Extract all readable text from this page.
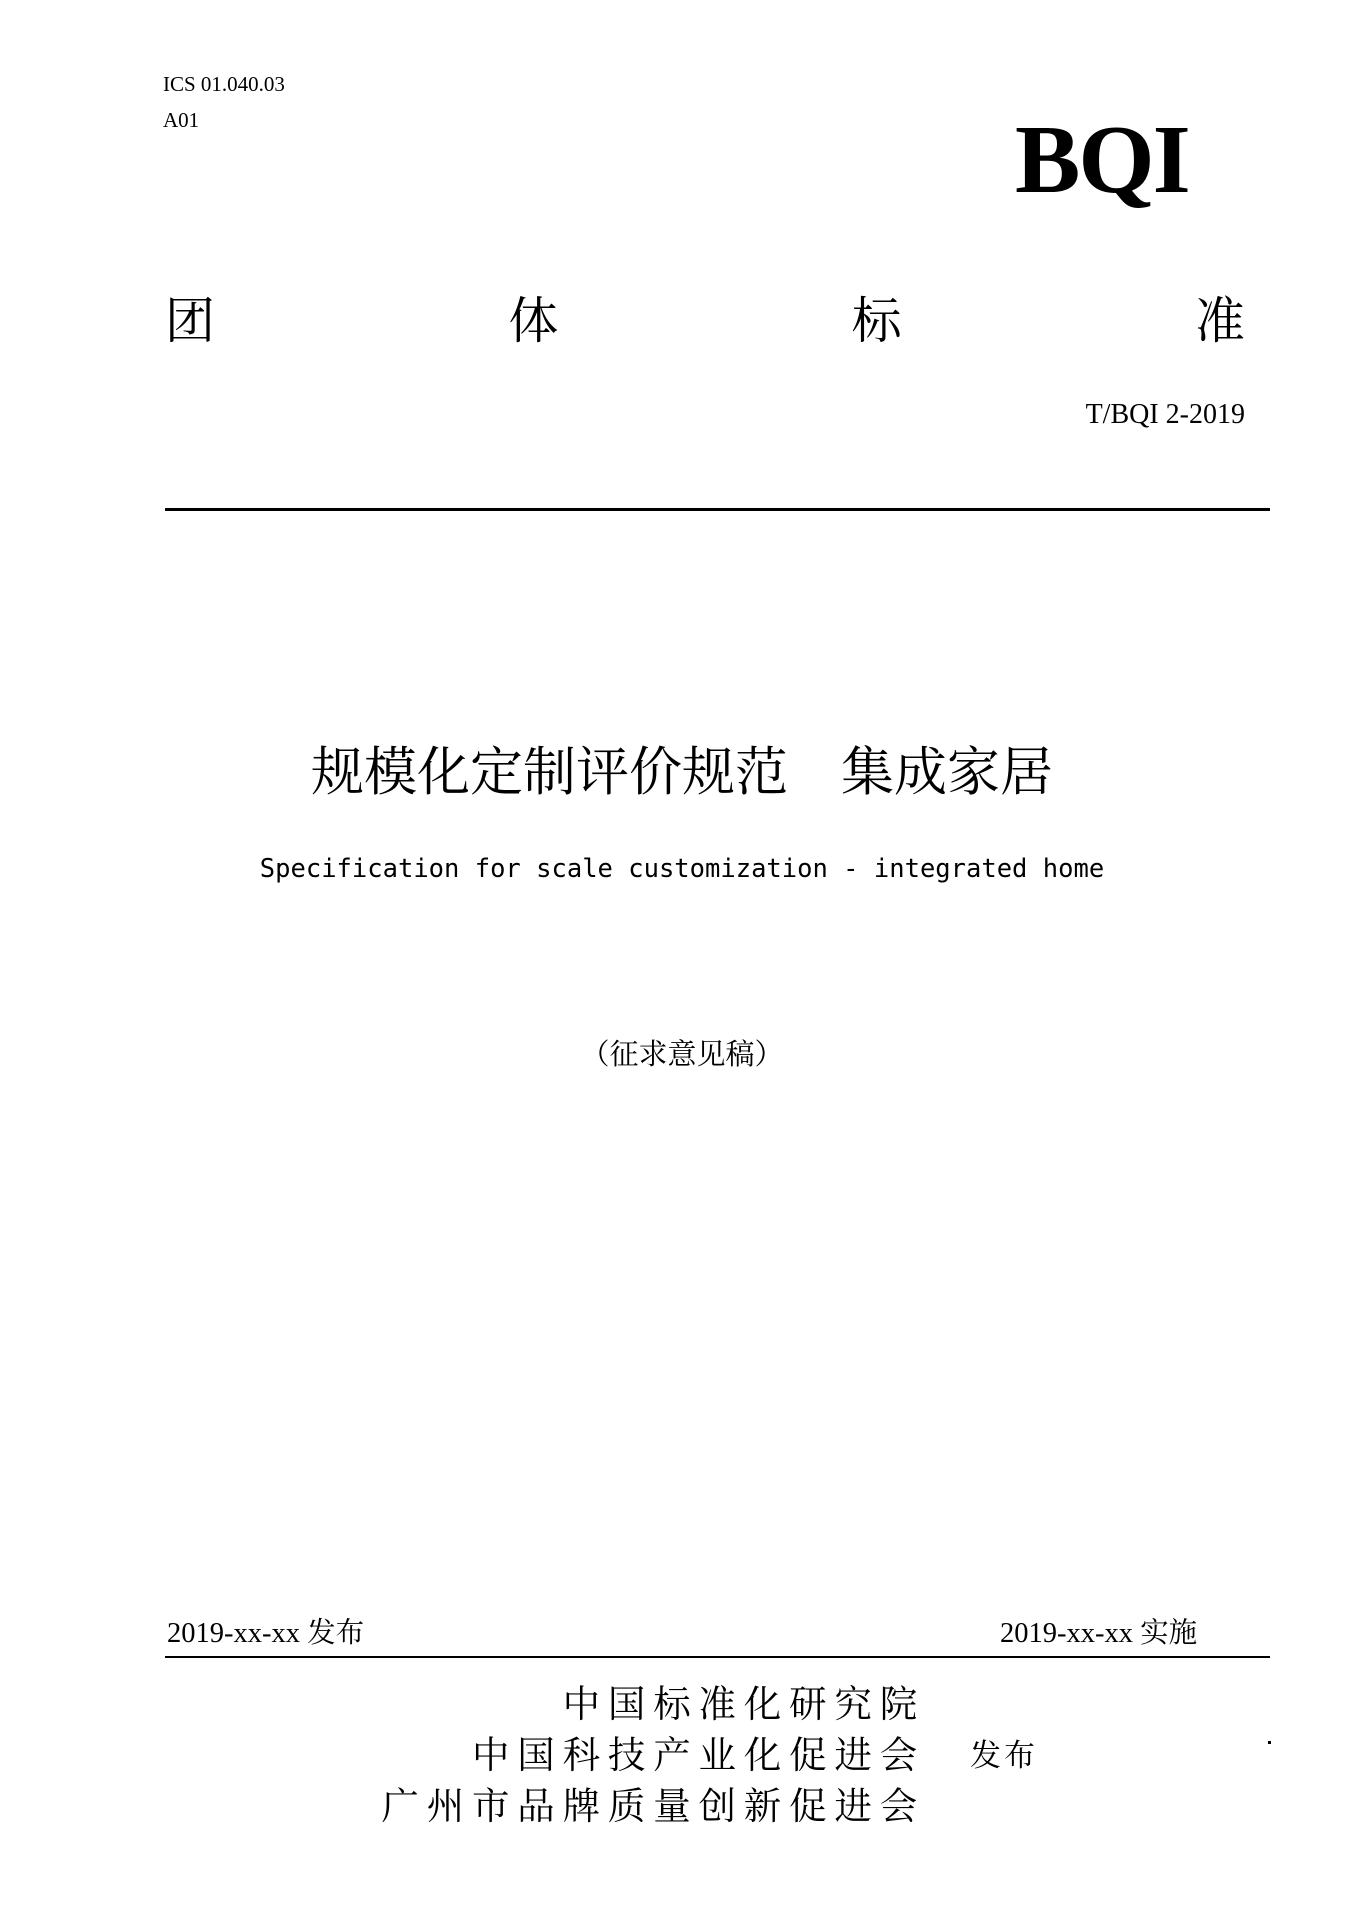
ICS 01.040.03
A01	BQI
团	体	标	准
T/BQI 2-2019
规模化定制评价规范　集成家居
Specification for scale customization - integrated home
（征求意见稿）
2019-xx-xx 发布	2019-xx-xx 实施
中国标准化研究院
中国科技产业化促进会
广州市品牌质量创新促进会
发布
